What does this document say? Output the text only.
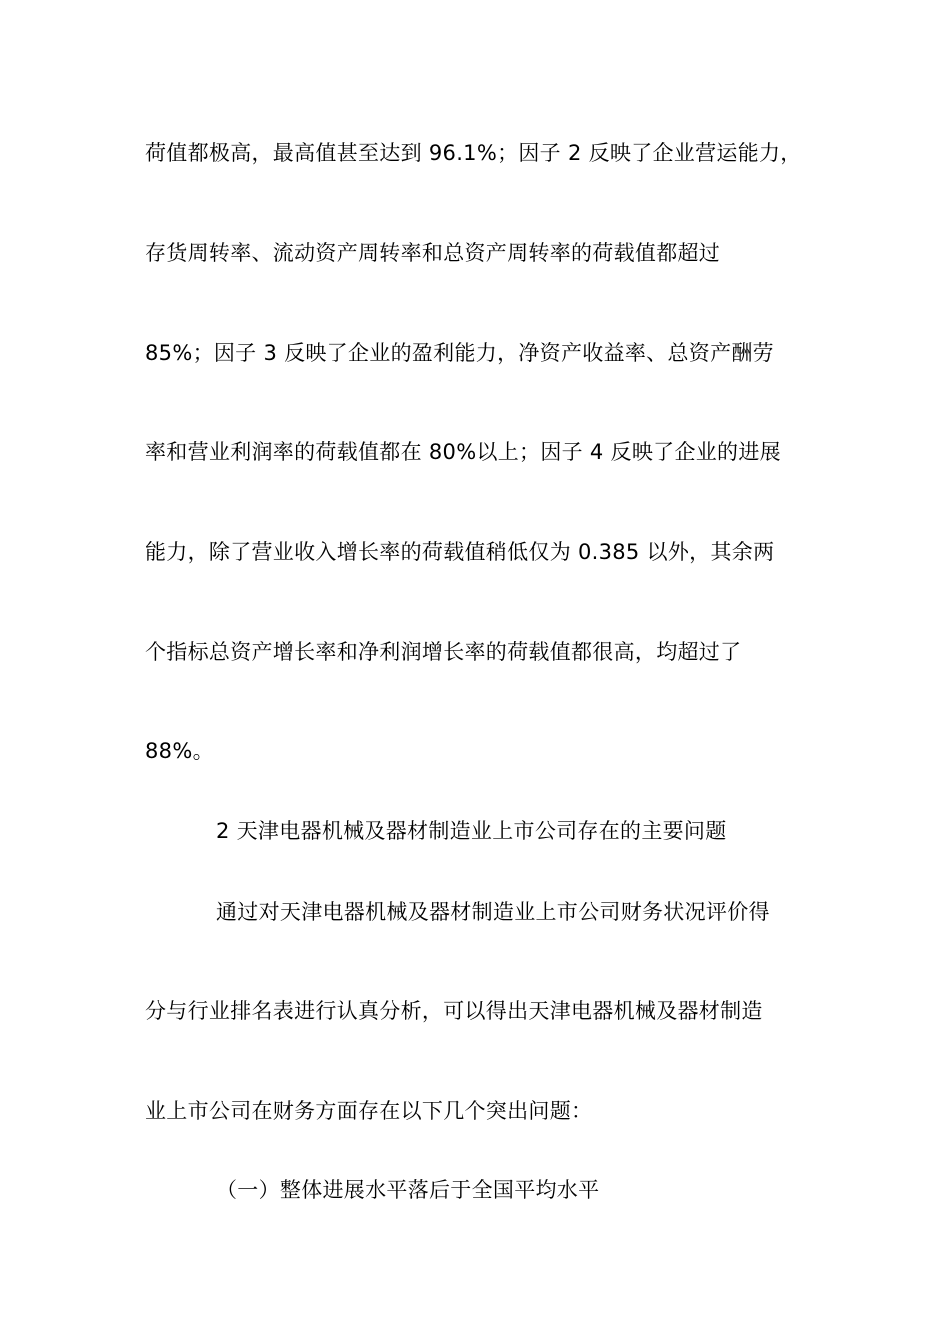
荷值都极高，最高值甚至达到 96.1%；因子 2 反映了企业营运能力，
存货周转率、流动资产周转率和总资产周转率的荷载值都超过
85%；因子 3 反映了企业的盈利能力，净资产收益率、总资产酬劳
率和营业利润率的荷载值都在 80%以上；因子 4 反映了企业的进展
能力，除了营业收入增长率的荷载值稍低仅为 0.385 以外，其余两
个指标总资产增长率和净利润增长率的荷载值都很高，均超过了
88%。
2 天津电器机械及器材制造业上市公司存在的主要问题
通过对天津电器机械及器材制造业上市公司财务状况评价得
分与行业排名表进行认真分析，可以得出天津电器机械及器材制造
业上市公司在财务方面存在以下几个突出问题：
（一）整体进展水平落后于全国平均水平
